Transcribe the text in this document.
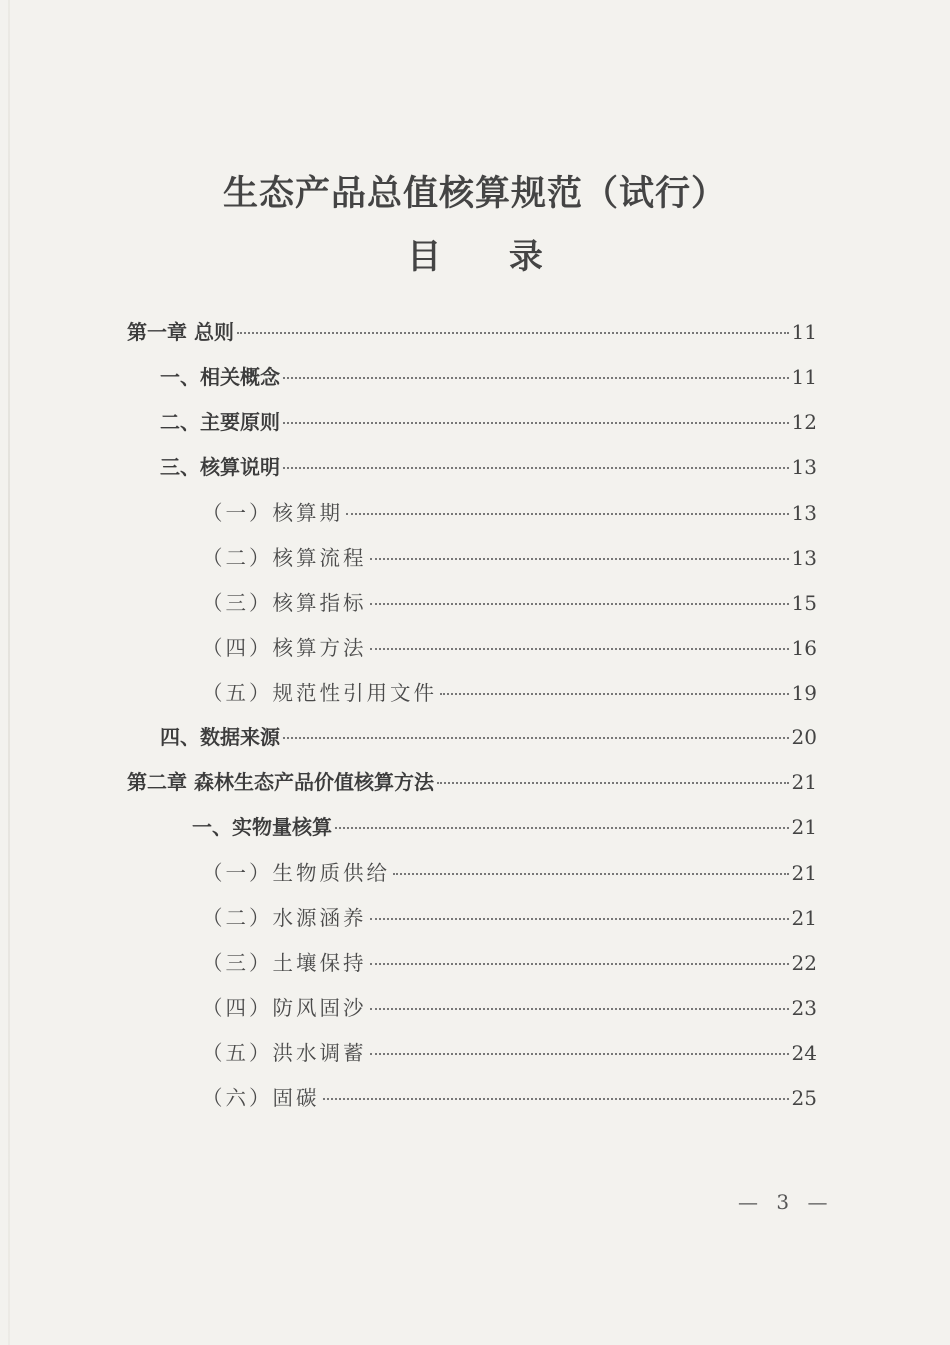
生态产品总值核算规范（试行）
目 录
第一章 总则	11
一、相关概念	11
二、主要原则	12
三、核算说明	13
（一）核算期	13
（二）核算流程	13
（三）核算指标	15
（四）核算方法	16
（五）规范性引用文件	19
四、数据来源	20
第二章 森林生态产品价值核算方法	21
一、实物量核算	21
（一）生物质供给	21
（二）水源涵养	21
（三）土壤保持	22
（四）防风固沙	23
（五）洪水调蓄	24
（六）固碳	25
— 3 —
